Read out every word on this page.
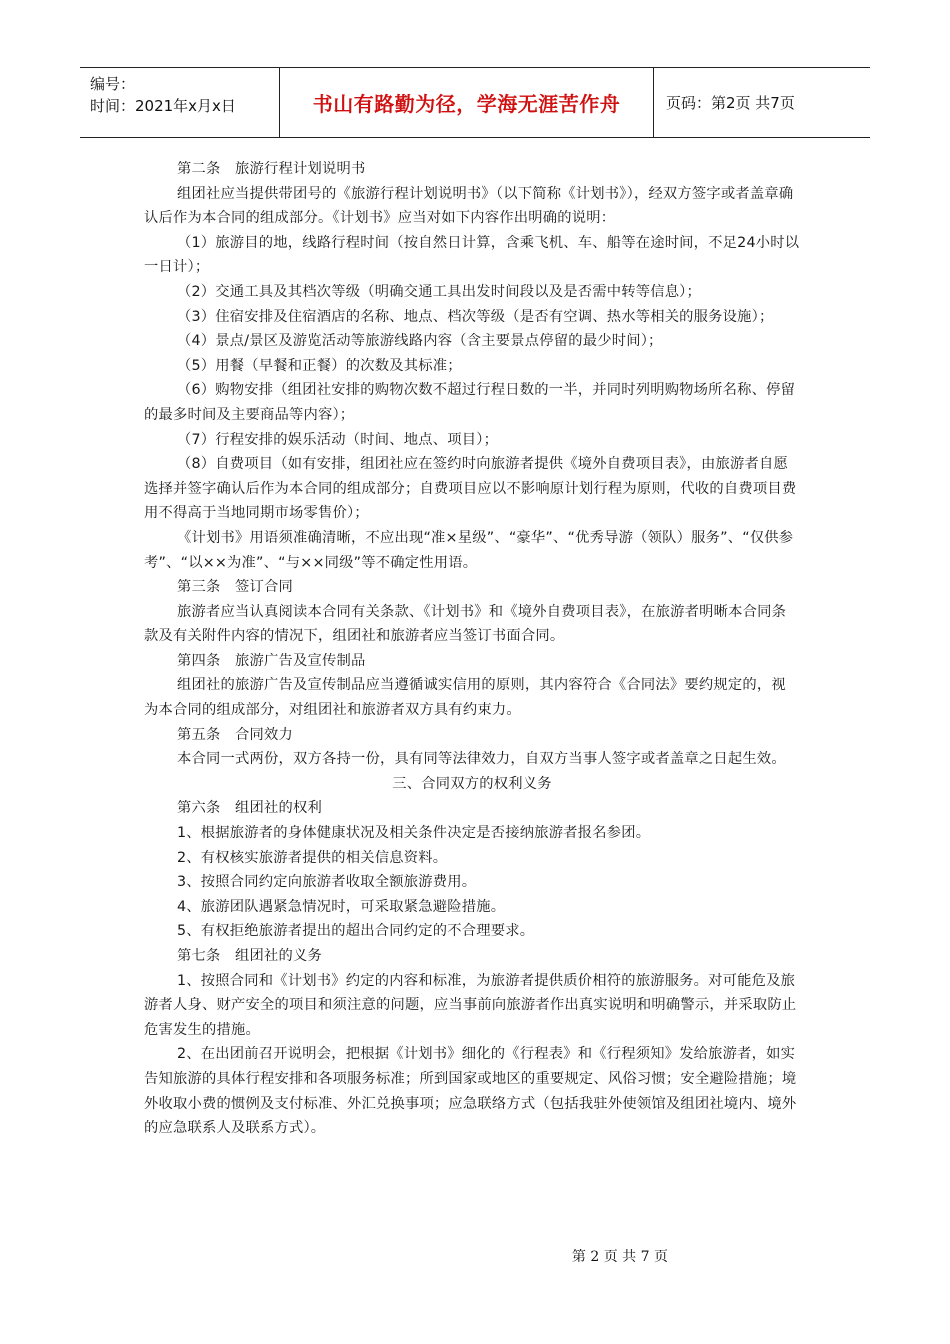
编号：
时间：2021年x月x日	书山有路勤为径，学海无涯苦作舟	页码：第2页 共7页

第二条　旅游行程计划说明书

组团社应当提供带团号的《旅游行程计划说明书》（以下简称《计划书》），经双方签字或者盖章确认后作为本合同的组成部分。《计划书》应当对如下内容作出明确的说明：

（1）旅游目的地，线路行程时间（按自然日计算，含乘飞机、车、船等在途时间，不足24小时以一日计）；

（2）交通工具及其档次等级（明确交通工具出发时间段以及是否需中转等信息）；

（3）住宿安排及住宿酒店的名称、地点、档次等级（是否有空调、热水等相关的服务设施）；

（4）景点/景区及游览活动等旅游线路内容（含主要景点停留的最少时间）；

（5）用餐（早餐和正餐）的次数及其标准；

（6）购物安排（组团社安排的购物次数不超过行程日数的一半，并同时列明购物场所名称、停留的最多时间及主要商品等内容）；

（7）行程安排的娱乐活动（时间、地点、项目）；

（8）自费项目（如有安排，组团社应在签约时向旅游者提供《境外自费项目表》，由旅游者自愿选择并签字确认后作为本合同的组成部分；自费项目应以不影响原计划行程为原则，代收的自费项目费用不得高于当地同期市场零售价）；

《计划书》用语须准确清晰，不应出现“准×星级”、“豪华”、“优秀导游（领队）服务”、“仅供参考”、“以××为准”、“与××同级”等不确定性用语。

第三条　签订合同

旅游者应当认真阅读本合同有关条款、《计划书》和《境外自费项目表》，在旅游者明晰本合同条款及有关附件内容的情况下，组团社和旅游者应当签订书面合同。

第四条　旅游广告及宣传制品

组团社的旅游广告及宣传制品应当遵循诚实信用的原则，其内容符合《合同法》要约规定的，视为本合同的组成部分，对组团社和旅游者双方具有约束力。

第五条　合同效力

本合同一式两份，双方各持一份，具有同等法律效力，自双方当事人签字或者盖章之日起生效。

三、合同双方的权利义务

第六条　组团社的权利

1、根据旅游者的身体健康状况及相关条件决定是否接纳旅游者报名参团。

2、有权核实旅游者提供的相关信息资料。

3、按照合同约定向旅游者收取全额旅游费用。

4、旅游团队遇紧急情况时，可采取紧急避险措施。

5、有权拒绝旅游者提出的超出合同约定的不合理要求。

第七条　组团社的义务

1、按照合同和《计划书》约定的内容和标准，为旅游者提供质价相符的旅游服务。对可能危及旅游者人身、财产安全的项目和须注意的问题，应当事前向旅游者作出真实说明和明确警示，并采取防止危害发生的措施。

2、在出团前召开说明会，把根据《计划书》细化的《行程表》和《行程须知》发给旅游者，如实告知旅游的具体行程安排和各项服务标准；所到国家或地区的重要规定、风俗习惯；安全避险措施；境外收取小费的惯例及支付标准、外汇兑换事项；应急联络方式（包括我驻外使领馆及组团社境内、境外的应急联系人及联系方式）。

第 2 页 共 7 页
